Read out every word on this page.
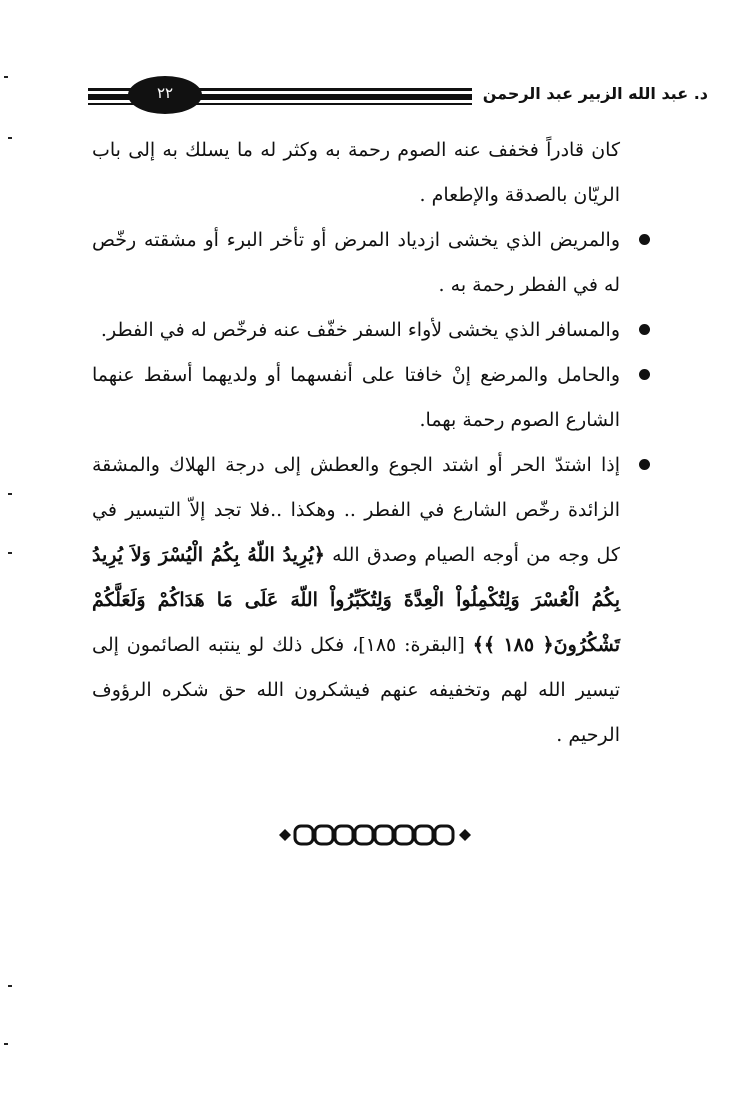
٢٢	د. عبد الله الزبير عبد الرحمن

كان قادراً فخفف عنه الصوم رحمة به وكثر له ما يسلك به إلى باب الريّان بالصدقة والإطعام .

والمريض الذي يخشى ازدياد المرض أو تأخر البرء أو مشقته رخّص له في الفطر رحمة به .

والمسافر الذي يخشى لأواء السفر خفّف عنه فرخّص له في الفطر.

والحامل والمرضع إنْ خافتا على أنفسهما أو ولديهما أسقط عنهما الشارع الصوم رحمة بهما.

إذا اشتدّ الحر أو اشتد الجوع والعطش إلى درجة الهلاك والمشقة الزائدة رخّص الشارع في الفطر .. وهكذا ..فلا تجد إلاّ التيسير في كل وجه من أوجه الصيام وصدق الله ﴿يُرِيدُ اللّهُ بِكُمُ الْيُسْرَ وَلاَ يُرِيدُ بِكُمُ الْعُسْرَ وَلِتُكْمِلُواْ الْعِدَّةَ وَلِتُكَبِّرُواْ اللّهَ عَلَى مَا هَدَاكُمْ وَلَعَلَّكُمْ تَشْكُرُونَ﴿ ١٨٥ ﴾﴾ [البقرة: ١٨٥]، فكل ذلك لو ينتبه الصائمون إلى تيسير الله لهم وتخفيفه عنهم فيشكرون الله حق شكره الرؤوف الرحيم .
